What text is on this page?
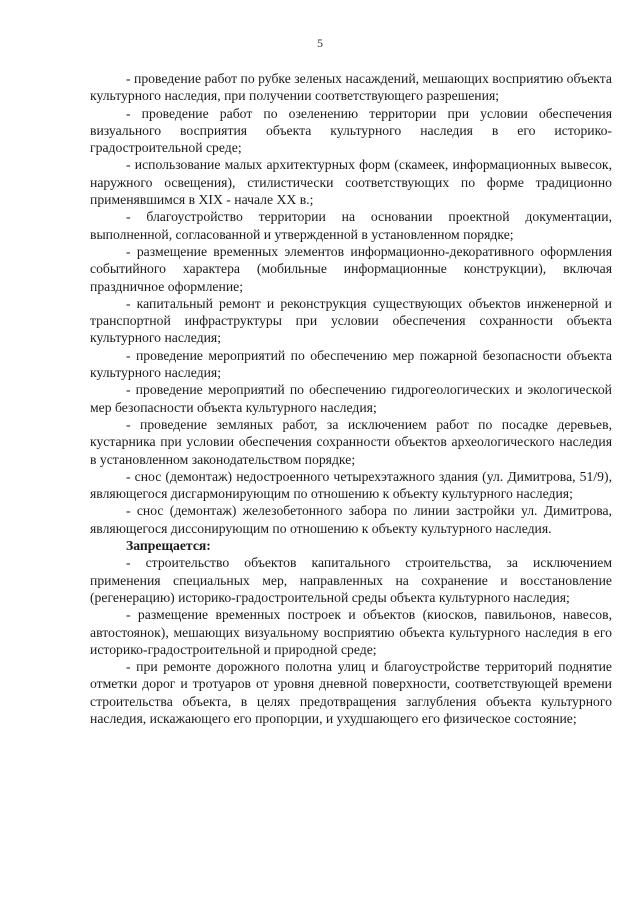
5

- проведение работ по рубке зеленых насаждений, мешающих восприятию объекта культурного наследия, при получении соответствующего разрешения;

- проведение работ по озеленению территории при условии обеспечения визуального восприятия объекта культурного наследия в его историко-градостроительной среде;

- использование малых архитектурных форм (скамеек, информационных вывесок, наружного освещения), стилистически соответствующих по форме традиционно применявшимся в XIX - начале XX в.;

- благоустройство территории на основании проектной документации, выполненной, согласованной и утвержденной в установленном порядке;

- размещение временных элементов информационно-декоративного оформления событийного характера (мобильные информационные конструкции), включая праздничное оформление;

- капитальный ремонт и реконструкция существующих объектов инженерной и транспортной инфраструктуры при условии обеспечения сохранности объекта культурного наследия;

- проведение мероприятий по обеспечению мер пожарной безопасности объекта культурного наследия;

- проведение мероприятий по обеспечению гидрогеологических и экологической мер безопасности объекта культурного наследия;

- проведение земляных работ, за исключением работ по посадке деревьев, кустарника при условии обеспечения сохранности объектов археологического наследия в установленном законодательством порядке;

- снос (демонтаж) недостроенного четырехэтажного здания (ул. Димитрова, 51/9), являющегося дисгармонирующим по отношению к объекту культурного наследия;

- снос (демонтаж) железобетонного забора по линии застройки ул. Димитрова, являющегося диссонирующим по отношению к объекту культурного наследия.

Запрещается:

- строительство объектов капитального строительства, за исключением применения специальных мер, направленных на сохранение и восстановление (регенерацию) историко-градостроительной среды объекта культурного наследия;

- размещение временных построек и объектов (киосков, павильонов, навесов, автостоянок), мешающих визуальному восприятию объекта культурного наследия в его историко-градостроительной и природной среде;

- при ремонте дорожного полотна улиц и благоустройстве территорий поднятие отметки дорог и тротуаров от уровня дневной поверхности, соответствующей времени строительства объекта, в целях предотвращения заглубления объекта культурного наследия, искажающего его пропорции, и ухудшающего его физическое состояние;
